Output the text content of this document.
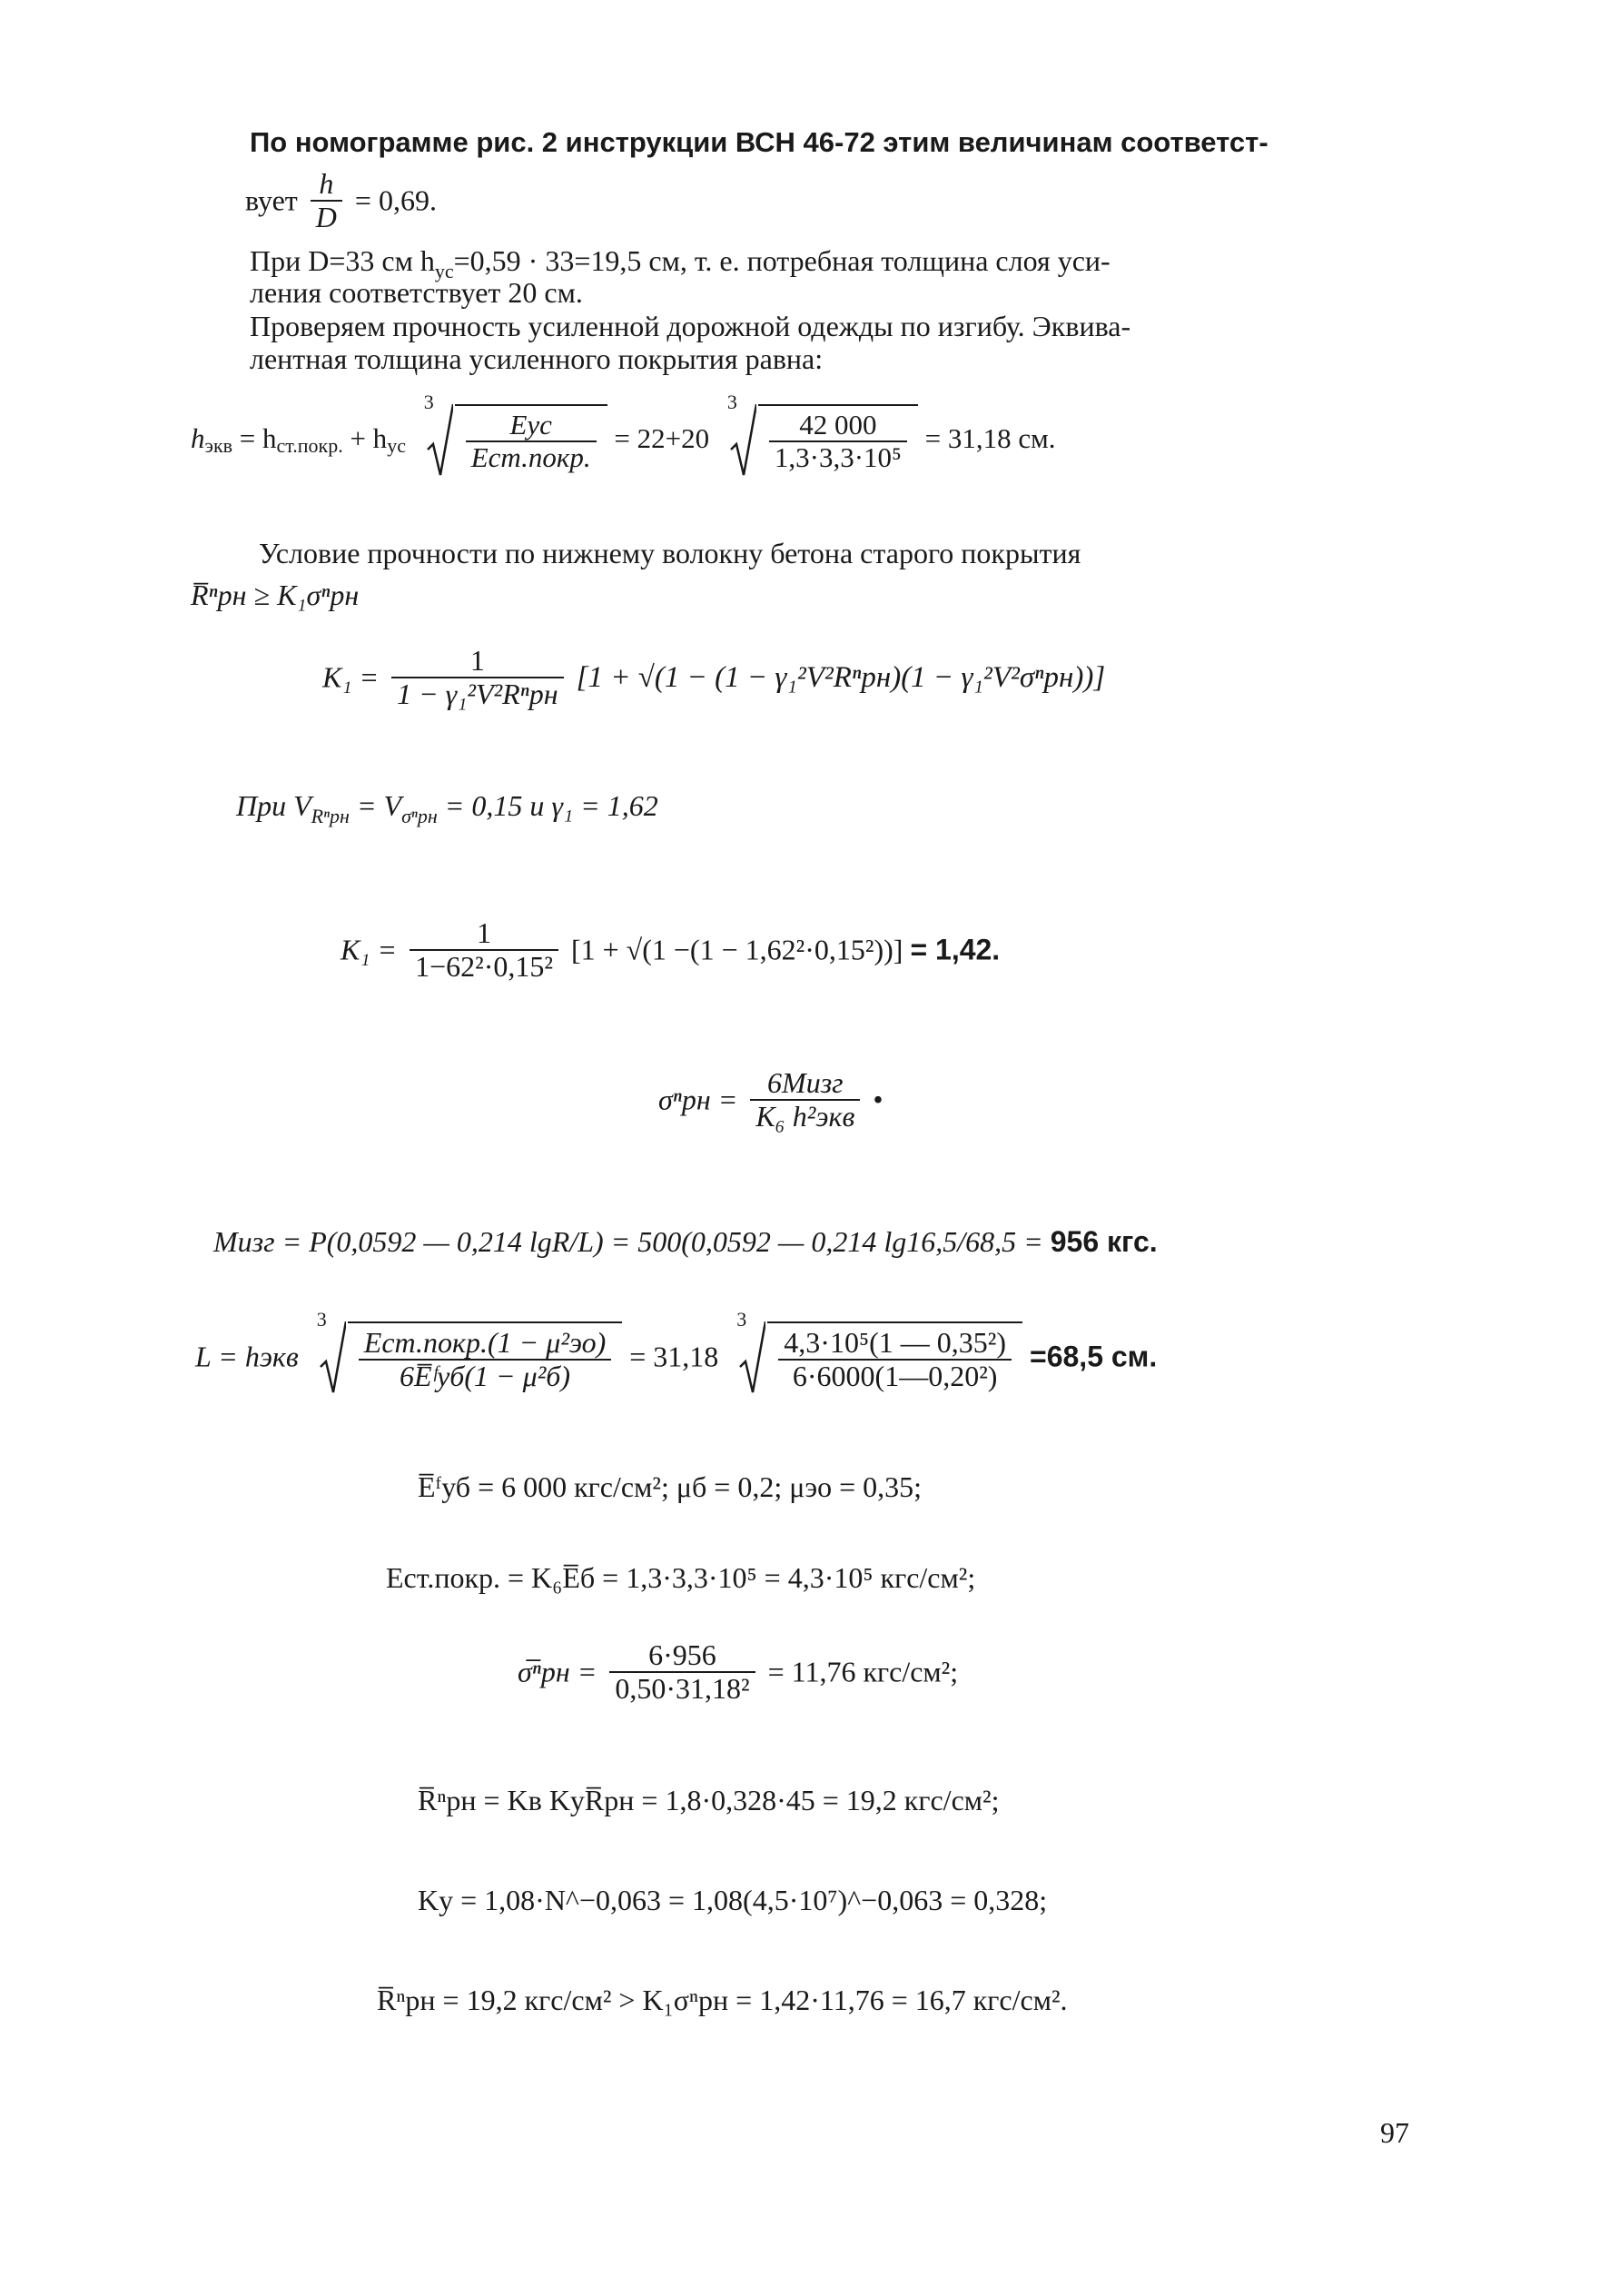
По номограмме рис. 2 инструкции ВСН 46-72 этим величинам соответст-
вует $\frac{h}{D} = 0,69$.
При D=33 см $h_{ус}=0,59 \cdot 33=19,5$ см, т. е. потребная толщина слоя уси-
ления соответствует 20 см.
Проверяем прочность усиленной дорожной одежды по изгибу. Эквива-
лентная толщина усиленного покрытия равна:
$h_{экв} = h_{ст.покр.} + h_{ус}$
3
$\frac{\text{Eус}}{\text{Eст.покр.}} = 22+20$
3
$\frac{42 000}{\text{1,3·3,3·10⁵}} = 31,18$ см.
Условие прочности по нижнему волокну бетона старого покрытия
R̅ⁿрн ≥ K₁σⁿрн
$K_1 = \frac{1}{\text{1 − γ₁²V²Rⁿрн}} [1 + √(1 - (1 - \gamma_1^2V^2R^nрн)(1 - \gamma_1^2V^2\sigma^nрн))]$
При $V_{R^nрн} = V_{\sigma^nрн} = 0,15$ и γ₁ = 1,62
$K_1 = \frac{1}{\text{1−62²·0,15²}} [1 + √(1 -(1 - 1,62^2\cdot 0,15^2))] = 1,42$.
$\sigma^nрн = \frac{\text{6Mизг}}{\text{K₆ h²экв}}$ •
Mизг = P(0,0592 — 0,214 lgR/L) = 500(0,0592 — 0,214 lg16,5/68,5 = 956 кгс.
L = hэкв
3
$\frac{\text{Eст.покр.(1 − μ²эо)}}{\text{6E̅ᶠуб(1 − μ²б)}} = 31,18$
3
$\frac{\text{4,3·10⁵(1 — 0,35²)}}{\text{6·6000(1—0,20²)}} =68,5$ см.
E̅ᶠуб = 6 000 кгс/см²; μб = 0,2; μэо = 0,35;
Eст.покр. = K₆E̅б = 1,3·3,3·10⁵ = 4,3·10⁵ кгс/см²;
σ̅ⁿрн = $\frac{6\cdot 956}{\text{0,50·31,18²}} = 11,76$ кгс/см²;
R̅ⁿрн = Kв KуR̅рн = 1,8·0,328·45 = 19,2 кгс/см²;
Kу = 1,08·N^−0,063 = 1,08(4,5·10⁷)^−0,063 = 0,328;
R̅ⁿрн = 19,2 кгс/см² > K₁σⁿрн = 1,42·11,76 = 16,7 кгс/см².
97
